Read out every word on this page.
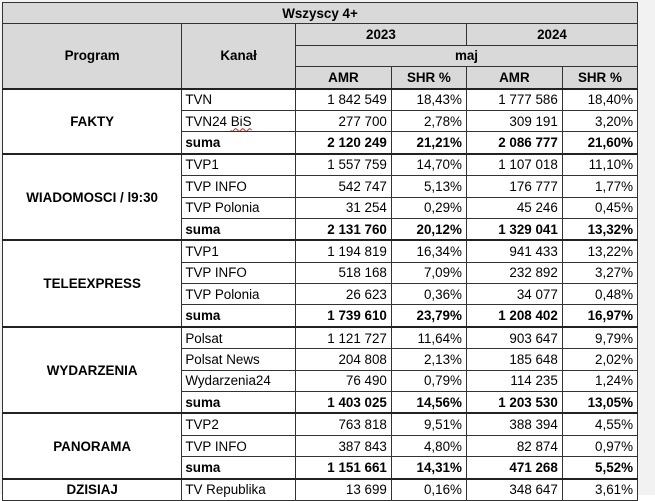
Wszyscy 4+					
Program	Kanał	2023		2024	
		maj			
		AMR	SHR %	AMR	SHR %
FAKTY	TVN	1 842 549	18,43%	1 777 586	18,40%
	TVN24 BiS	277 700	2,78%	309 191	3,20%
	suma	2 120 249	21,21%	2 086 777	21,60%
WIADOMOSCI / l9:30	TVP1	1 557 759	14,70%	1 107 018	11,10%
	TVP INFO	542 747	5,13%	176 777	1,77%
	TVP Polonia	31 254	0,29%	45 246	0,45%
	suma	2 131 760	20,12%	1 329 041	13,32%
TELEEXPRESS	TVP1	1 194 819	16,34%	941 433	13,22%
	TVP INFO	518 168	7,09%	232 892	3,27%
	TVP Polonia	26 623	0,36%	34 077	0,48%
	suma	1 739 610	23,79%	1 208 402	16,97%
WYDARZENIA	Polsat	1 121 727	11,64%	903 647	9,79%
	Polsat News	204 808	2,13%	185 648	2,02%
	Wydarzenia24	76 490	0,79%	114 235	1,24%
	suma	1 403 025	14,56%	1 203 530	13,05%
PANORAMA	TVP2	763 818	9,51%	388 394	4,55%
	TVP INFO	387 843	4,80%	82 874	0,97%
	suma	1 151 661	14,31%	471 268	5,52%
DZISIAJ	TV Republika	13 699	0,16%	348 647	3,61%
